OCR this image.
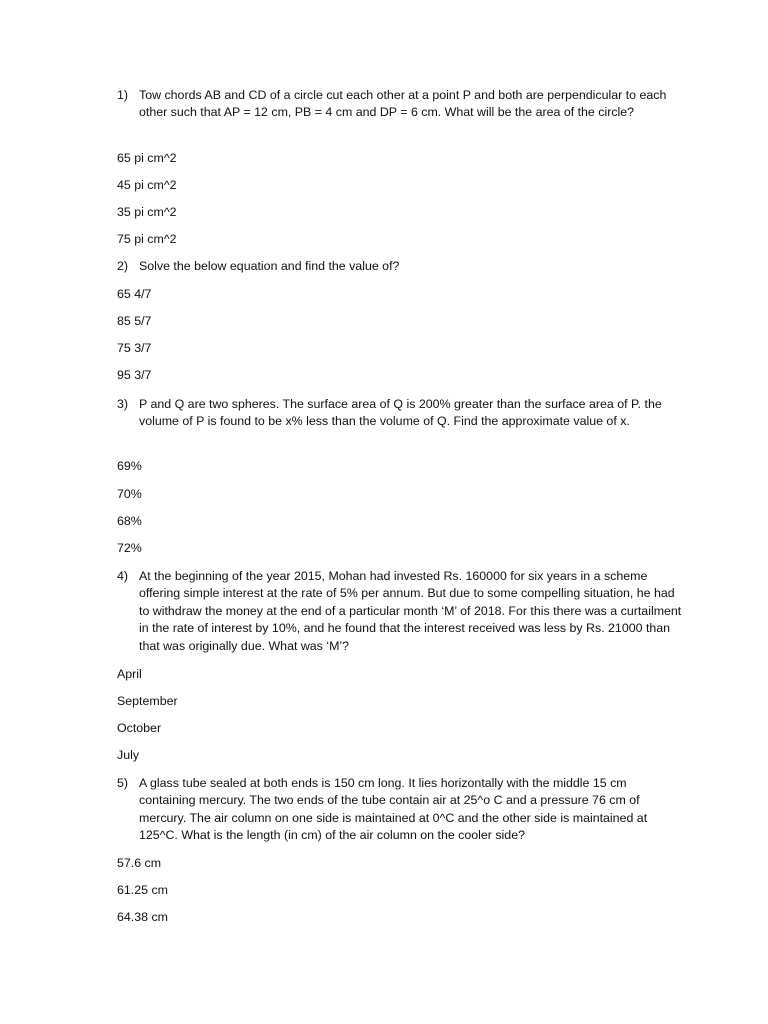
1) Tow chords AB and CD of a circle cut each other at a point P and both are perpendicular to each other such that AP = 12 cm, PB = 4 cm and DP = 6 cm. What will be the area of the circle?
65 pi cm^2
45 pi cm^2
35 pi cm^2
75 pi cm^2
2) Solve the below equation and find the value of?
65 4/7
85 5/7
75 3/7
95 3/7
3) P and Q are two spheres. The surface area of Q is 200% greater than the surface area of P. the volume of P is found to be x% less than the volume of Q. Find the approximate value of x.
69%
70%
68%
72%
4) At the beginning of the year 2015, Mohan had invested Rs. 160000 for six years in a scheme offering simple interest at the rate of 5% per annum. But due to some compelling situation, he had to withdraw the money at the end of a particular month ‘M’ of 2018. For this there was a curtailment in the rate of interest by 10%, and he found that the interest received was less by Rs. 21000 than that was originally due. What was ‘M’?
April
September
October
July
5) A glass tube sealed at both ends is 150 cm long. It lies horizontally with the middle 15 cm containing mercury. The two ends of the tube contain air at 25^o C and a pressure 76 cm of mercury. The air column on one side is maintained at 0^C and the other side is maintained at 125^C. What is the length (in cm) of the air column on the cooler side?
57.6 cm
61.25 cm
64.38 cm
